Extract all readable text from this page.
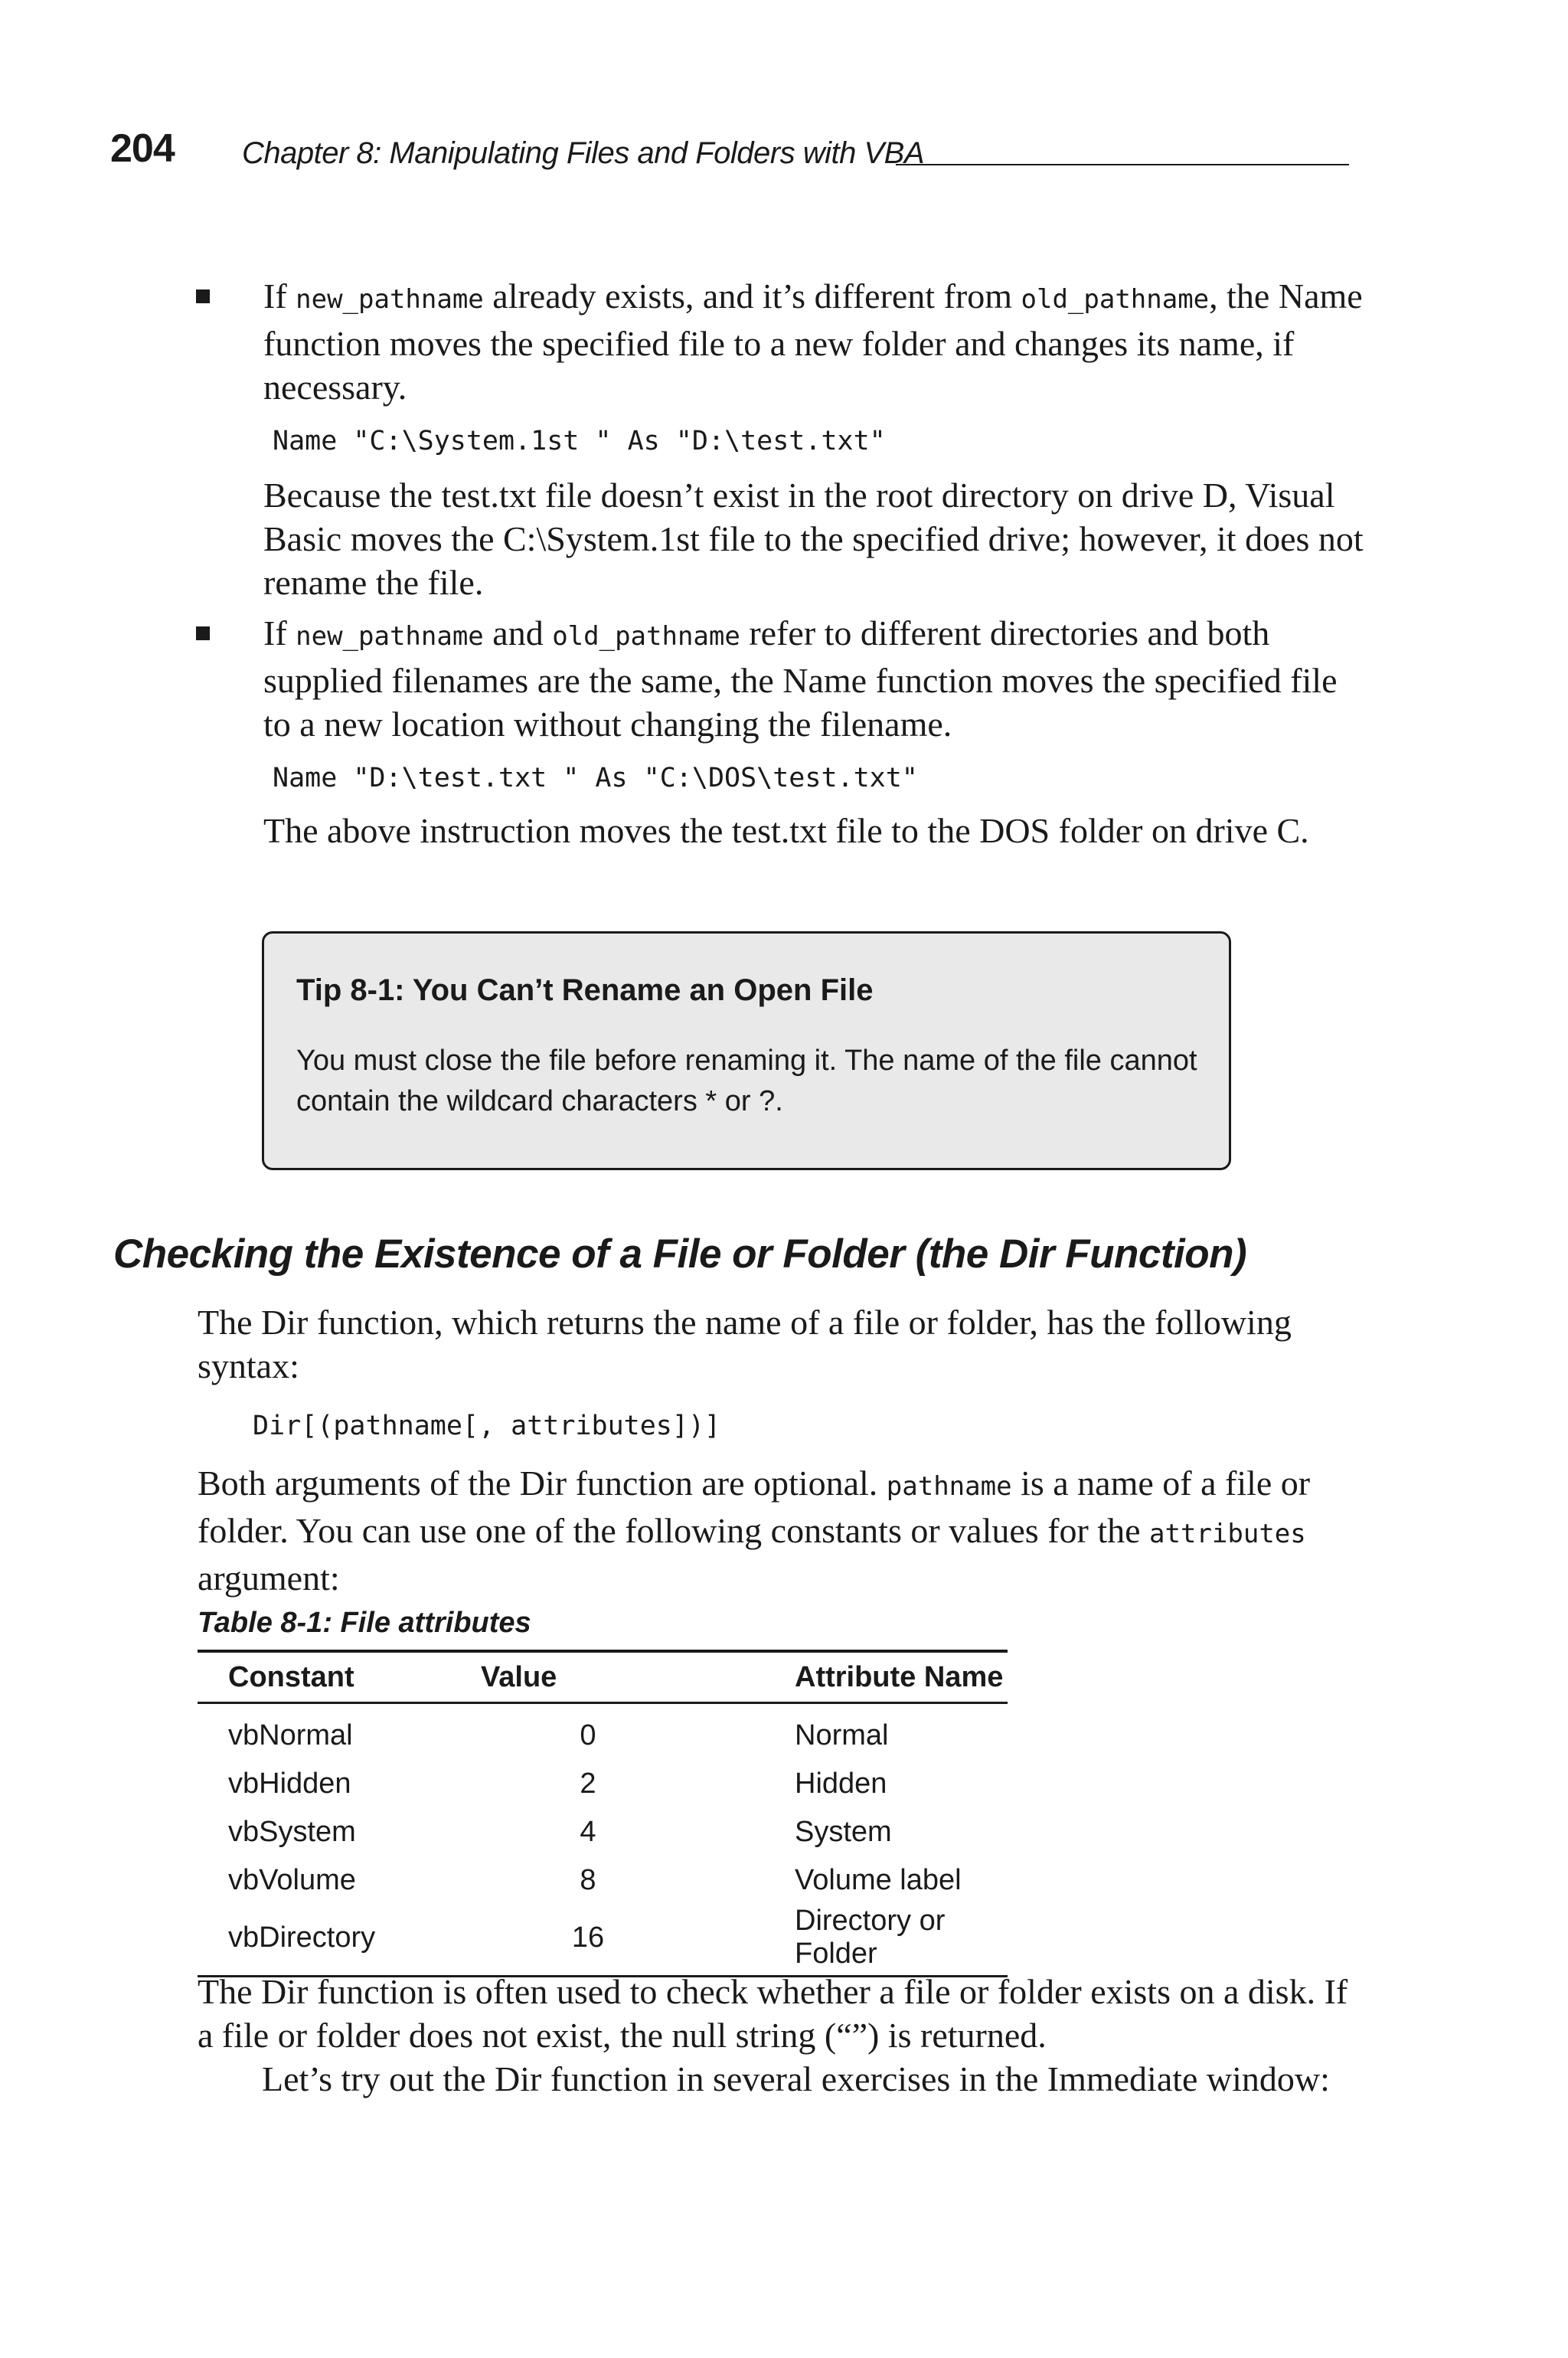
204 Chapter 8: Manipulating Files and Folders with VBA

If new_pathname already exists, and it’s different from old_pathname, the Name function moves the specified file to a new folder and changes its name, if necessary.

Name "C:\System.1st " As "D:\test.txt"

Because the test.txt file doesn’t exist in the root directory on drive D, Visual Basic moves the C:\System.1st file to the specified drive; however, it does not rename the file.

If new_pathname and old_pathname refer to different directories and both supplied filenames are the same, the Name function moves the specified file to a new location without changing the filename.

Name "D:\test.txt " As "C:\DOS\test.txt"

The above instruction moves the test.txt file to the DOS folder on drive C.

Tip 8-1: You Can’t Rename an Open File
You must close the file before renaming it. The name of the file cannot contain the wildcard characters * or ?.
Checking the Existence of a File or Folder (the Dir Function)

The Dir function, which returns the name of a file or folder, has the following syntax:

Dir[(pathname[, attributes])]

Both arguments of the Dir function are optional. pathname is a name of a file or folder. You can use one of the following constants or values for the attributes argument:

Table 8-1: File attributes
Constant	Value	Attribute Name
vbNormal	0	Normal
vbHidden	2	Hidden
vbSystem	4	System
vbVolume	8	Volume label
vbDirectory	16	Directory or Folder

The Dir function is often used to check whether a file or folder exists on a disk. If a file or folder does not exist, the null string (“”) is returned.

Let’s try out the Dir function in several exercises in the Immediate window:
